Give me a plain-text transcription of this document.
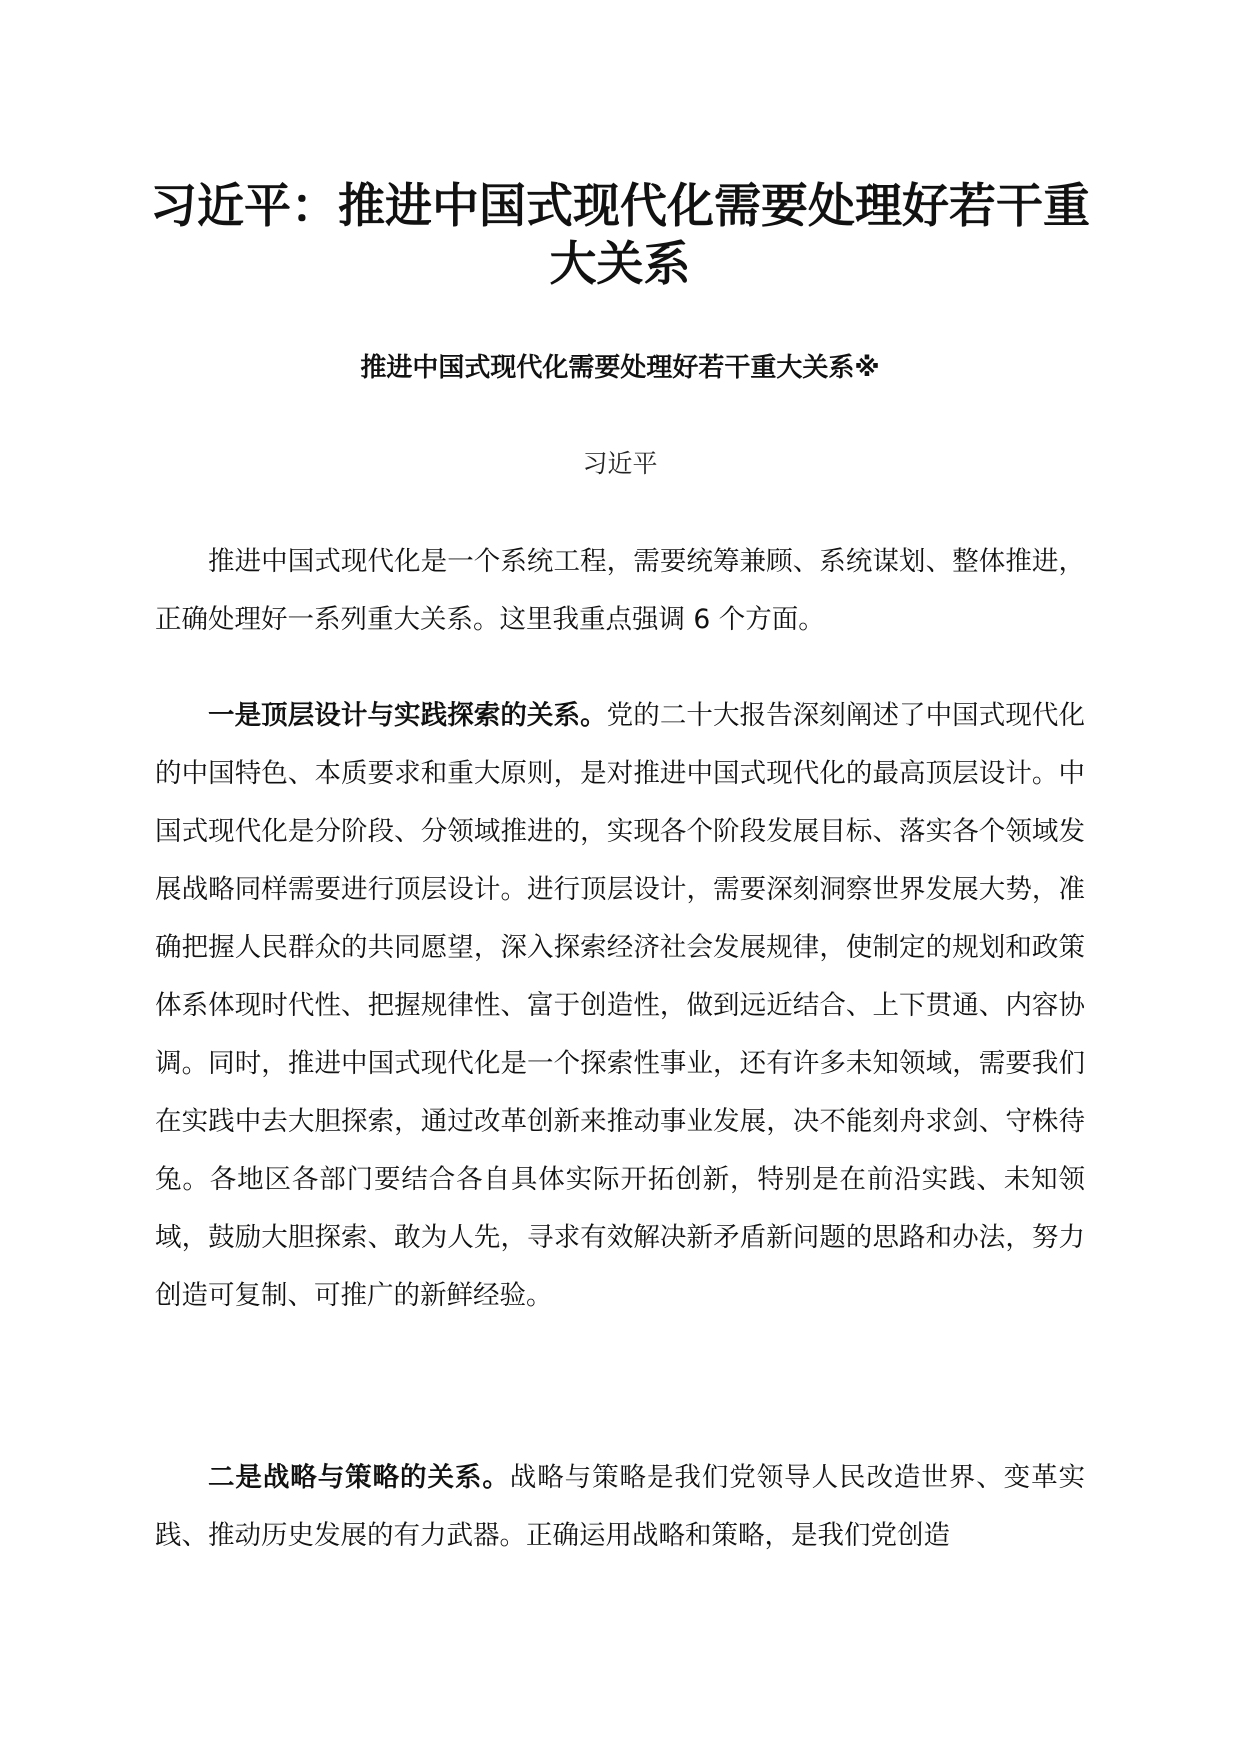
习近平：推进中国式现代化需要处理好若干重大关系
推进中国式现代化需要处理好若干重大关系※
习近平

推进中国式现代化是一个系统工程，需要统筹兼顾、系统谋划、整体推进，正确处理好一系列重大关系。这里我重点强调 6 个方面。

一是顶层设计与实践探索的关系。党的二十大报告深刻阐述了中国式现代化的中国特色、本质要求和重大原则，是对推进中国式现代化的最高顶层设计。中国式现代化是分阶段、分领域推进的，实现各个阶段发展目标、落实各个领域发展战略同样需要进行顶层设计。进行顶层设计，需要深刻洞察世界发展大势，准确把握人民群众的共同愿望，深入探索经济社会发展规律，使制定的规划和政策体系体现时代性、把握规律性、富于创造性，做到远近结合、上下贯通、内容协调。同时，推进中国式现代化是一个探索性事业，还有许多未知领域，需要我们在实践中去大胆探索，通过改革创新来推动事业发展，决不能刻舟求剑、守株待兔。各地区各部门要结合各自具体实际开拓创新，特别是在前沿实践、未知领域，鼓励大胆探索、敢为人先，寻求有效解决新矛盾新问题的思路和办法，努力创造可复制、可推广的新鲜经验。

二是战略与策略的关系。战略与策略是我们党领导人民改造世界、变革实践、推动历史发展的有力武器。正确运用战略和策略，是我们党创造
